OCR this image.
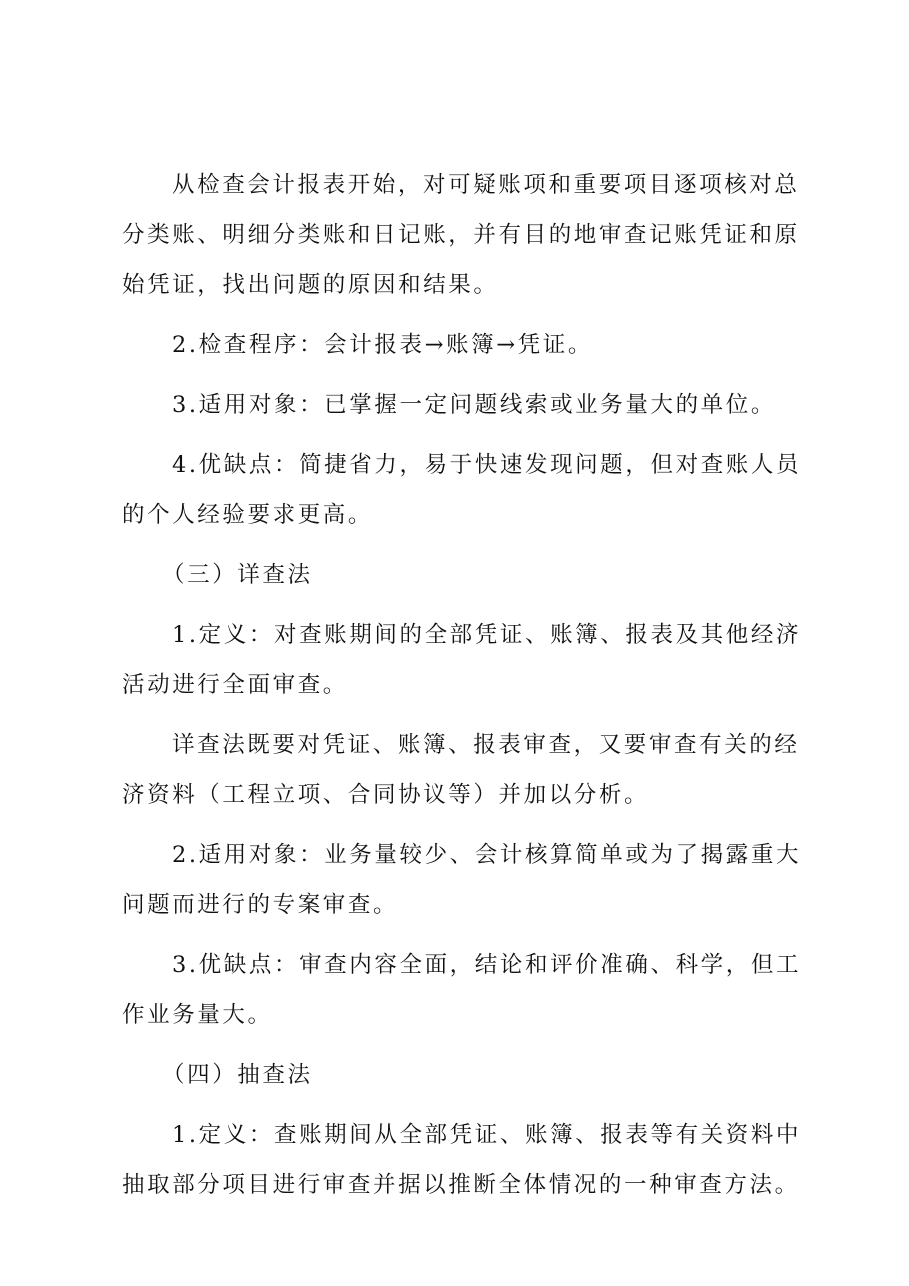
从检查会计报表开始，对可疑账项和重要项目逐项核对总
分类账、明细分类账和日记账，并有目的地审查记账凭证和原
始凭证，找出问题的原因和结果。

2.检查程序：会计报表→账簿→凭证。

3.适用对象：已掌握一定问题线索或业务量大的单位。

4.优缺点：简捷省力，易于快速发现问题，但对查账人员
的个人经验要求更高。

（三）详查法

1.定义：对查账期间的全部凭证、账簿、报表及其他经济
活动进行全面审查。

详查法既要对凭证、账簿、报表审查，又要审查有关的经
济资料（工程立项、合同协议等）并加以分析。

2.适用对象：业务量较少、会计核算简单或为了揭露重大
问题而进行的专案审查。

3.优缺点：审查内容全面，结论和评价准确、科学，但工
作业务量大。

（四）抽查法

1.定义：查账期间从全部凭证、账簿、报表等有关资料中
抽取部分项目进行审查并据以推断全体情况的一种审查方法。
